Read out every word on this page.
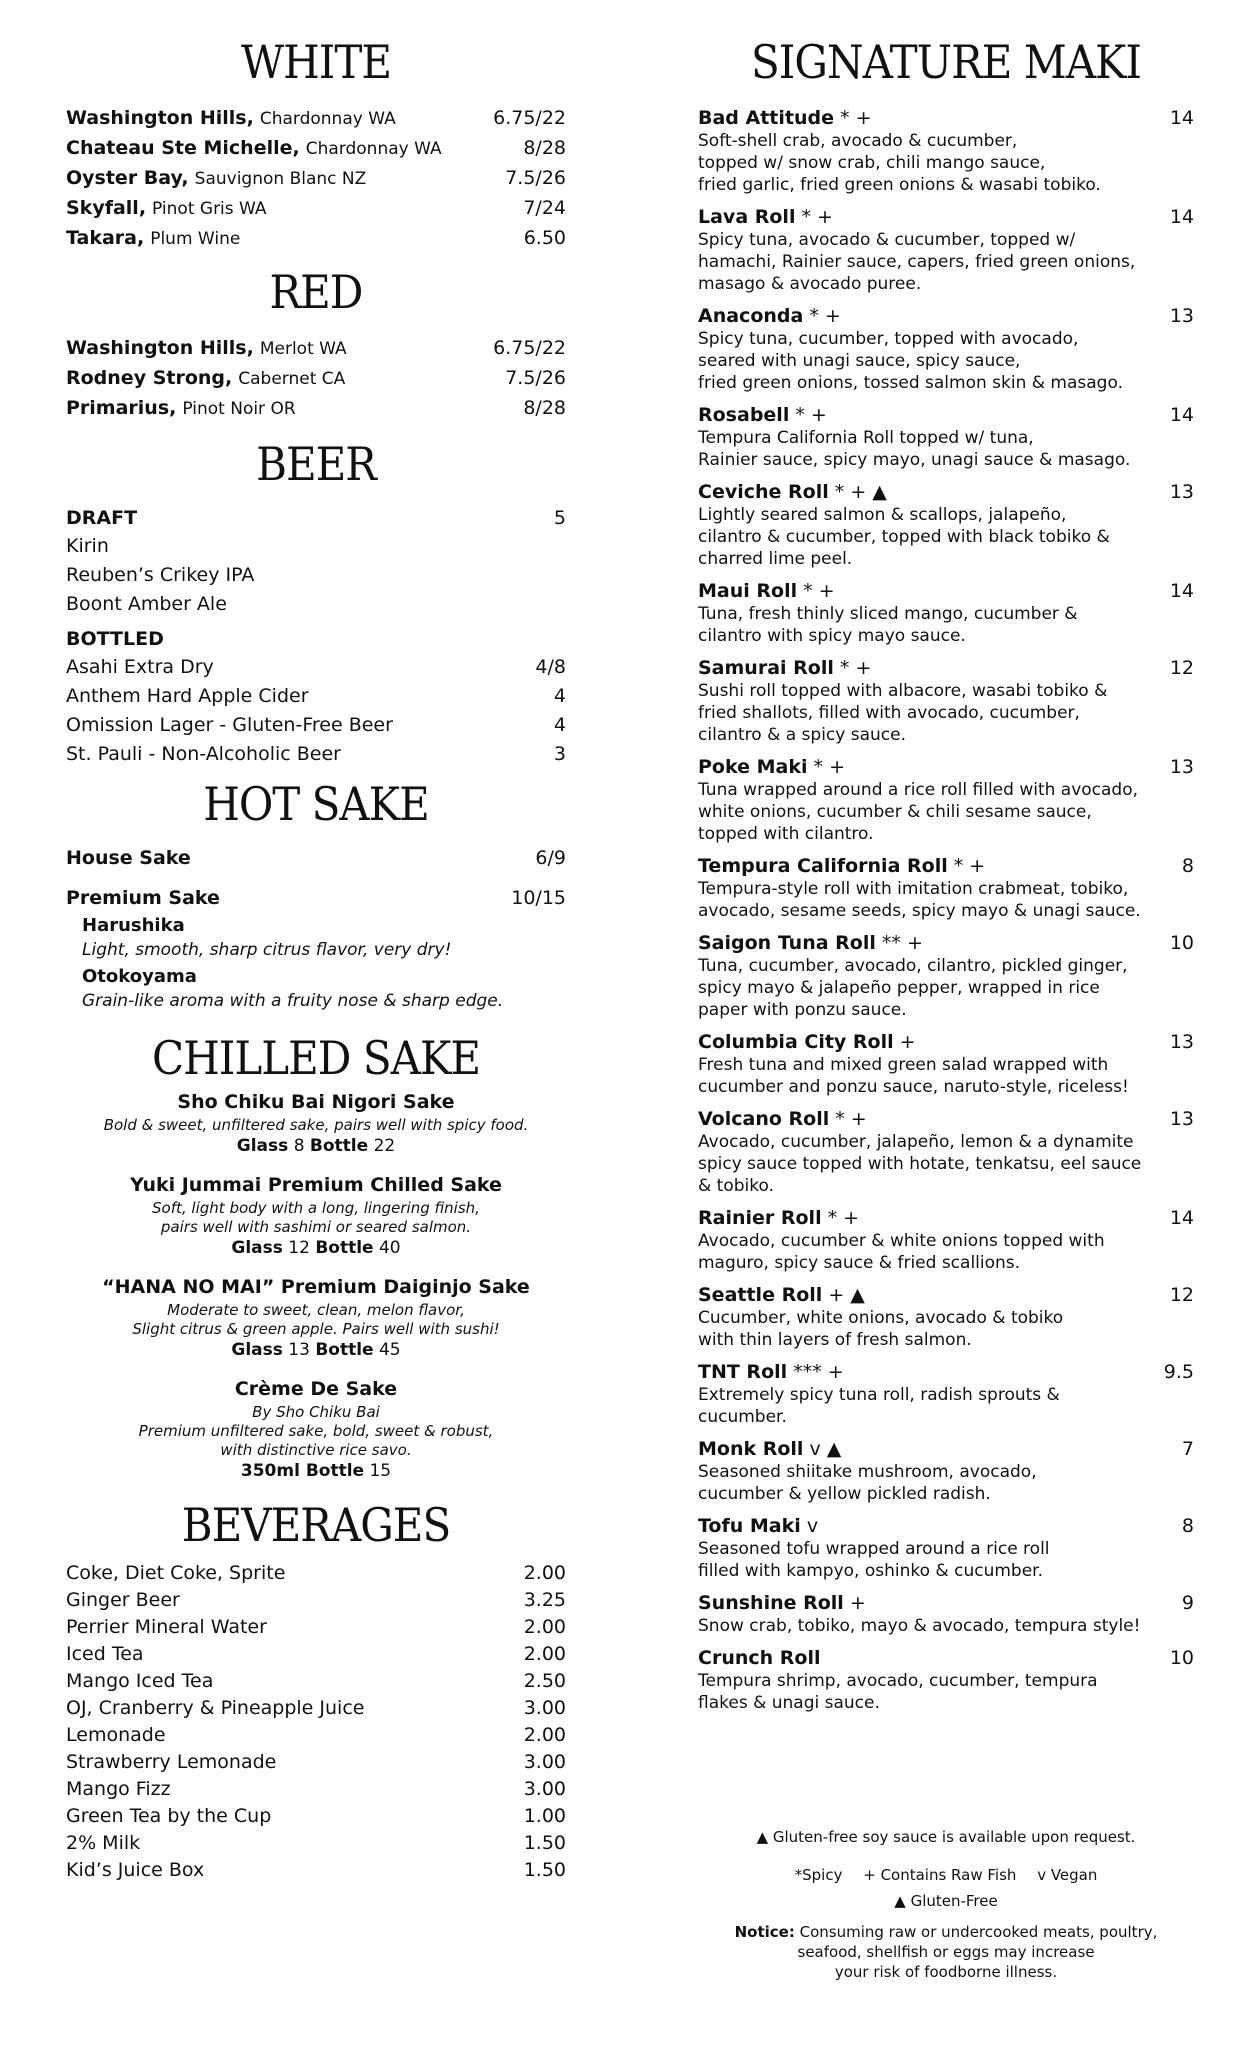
WHITE
Washington Hills, Chardonnay WA	6.75/22
Chateau Ste Michelle, Chardonnay WA	8/28
Oyster Bay, Sauvignon Blanc NZ	7.5/26
Skyfall, Pinot Gris WA	7/24
Takara, Plum Wine	6.50
RED
Washington Hills, Merlot WA	6.75/22
Rodney Strong, Cabernet CA	7.5/26
Primarius, Pinot Noir OR	8/28
BEER
DRAFT	5
Kirin
Reuben’s Crikey IPA
Boont Amber Ale
BOTTLED
Asahi Extra Dry	4/8
Anthem Hard Apple Cider	4
Omission Lager - Gluten-Free Beer	4
St. Pauli - Non-Alcoholic Beer	3
HOT SAKE
House Sake	6/9
Premium Sake	10/15
Harushika
Light, smooth, sharp citrus flavor, very dry!
Otokoyama
Grain-like aroma with a fruity nose & sharp edge.
CHILLED SAKE
Sho Chiku Bai Nigori Sake
Bold & sweet, unfiltered sake, pairs well with spicy food.
Glass 8 Bottle 22
Yuki Jummai Premium Chilled Sake
Soft, light body with a long, lingering finish,
pairs well with sashimi or seared salmon.
Glass 12 Bottle 40
“HANA NO MAI” Premium Daiginjo Sake
Moderate to sweet, clean, melon flavor,
Slight citrus & green apple. Pairs well with sushi!
Glass 13 Bottle 45
Crème De Sake
By Sho Chiku Bai
Premium unfiltered sake, bold, sweet & robust,
with distinctive rice savo.
350ml Bottle 15
BEVERAGES
Coke, Diet Coke, Sprite	2.00
Ginger Beer	3.25
Perrier Mineral Water	2.00
Iced Tea	2.00
Mango Iced Tea	2.50
OJ, Cranberry & Pineapple Juice	3.00
Lemonade	2.00
Strawberry Lemonade	3.00
Mango Fizz	3.00
Green Tea by the Cup	1.00
2% Milk	1.50
Kid’s Juice Box	1.50
SIGNATURE MAKI
Bad Attitude * +	14
Soft-shell crab, avocado & cucumber,
topped w/ snow crab, chili mango sauce,
fried garlic, fried green onions & wasabi tobiko.
Lava Roll * +	14
Spicy tuna, avocado & cucumber, topped w/
hamachi, Rainier sauce, capers, fried green onions,
masago & avocado puree.
Anaconda * +	13
Spicy tuna, cucumber, topped with avocado,
seared with unagi sauce, spicy sauce,
fried green onions, tossed salmon skin & masago.
Rosabell * +	14
Tempura California Roll topped w/ tuna,
Rainier sauce, spicy mayo, unagi sauce & masago.
Ceviche Roll * + ▲	13
Lightly seared salmon & scallops, jalapeño,
cilantro & cucumber, topped with black tobiko &
charred lime peel.
Maui Roll * +	14
Tuna, fresh thinly sliced mango, cucumber &
cilantro with spicy mayo sauce.
Samurai Roll * +	12
Sushi roll topped with albacore, wasabi tobiko &
fried shallots, filled with avocado, cucumber,
cilantro & a spicy sauce.
Poke Maki * +	13
Tuna wrapped around a rice roll filled with avocado,
white onions, cucumber & chili sesame sauce,
topped with cilantro.
Tempura California Roll * +	8
Tempura-style roll with imitation crabmeat, tobiko,
avocado, sesame seeds, spicy mayo & unagi sauce.
Saigon Tuna Roll ** +	10
Tuna, cucumber, avocado, cilantro, pickled ginger,
spicy mayo & jalapeño pepper, wrapped in rice
paper with ponzu sauce.
Columbia City Roll +	13
Fresh tuna and mixed green salad wrapped with
cucumber and ponzu sauce, naruto-style, riceless!
Volcano Roll * +	13
Avocado, cucumber, jalapeño, lemon & a dynamite
spicy sauce topped with hotate, tenkatsu, eel sauce
& tobiko.
Rainier Roll * +	14
Avocado, cucumber & white onions topped with
maguro, spicy sauce & fried scallions.
Seattle Roll + ▲	12
Cucumber, white onions, avocado & tobiko
with thin layers of fresh salmon.
TNT Roll *** +	9.5
Extremely spicy tuna roll, radish sprouts &
cucumber.
Monk Roll v ▲	7
Seasoned shiitake mushroom, avocado,
cucumber & yellow pickled radish.
Tofu Maki v	8
Seasoned tofu wrapped around a rice roll
filled with kampyo, oshinko & cucumber.
Sunshine Roll +	9
Snow crab, tobiko, mayo & avocado, tempura style!
Crunch Roll	10
Tempura shrimp, avocado, cucumber, tempura
flakes & unagi sauce.
▲ Gluten-free soy sauce is available upon request.
*Spicy + Contains Raw Fish v Vegan
▲ Gluten-Free
Notice: Consuming raw or undercooked meats, poultry,
seafood, shellfish or eggs may increase
your risk of foodborne illness.
